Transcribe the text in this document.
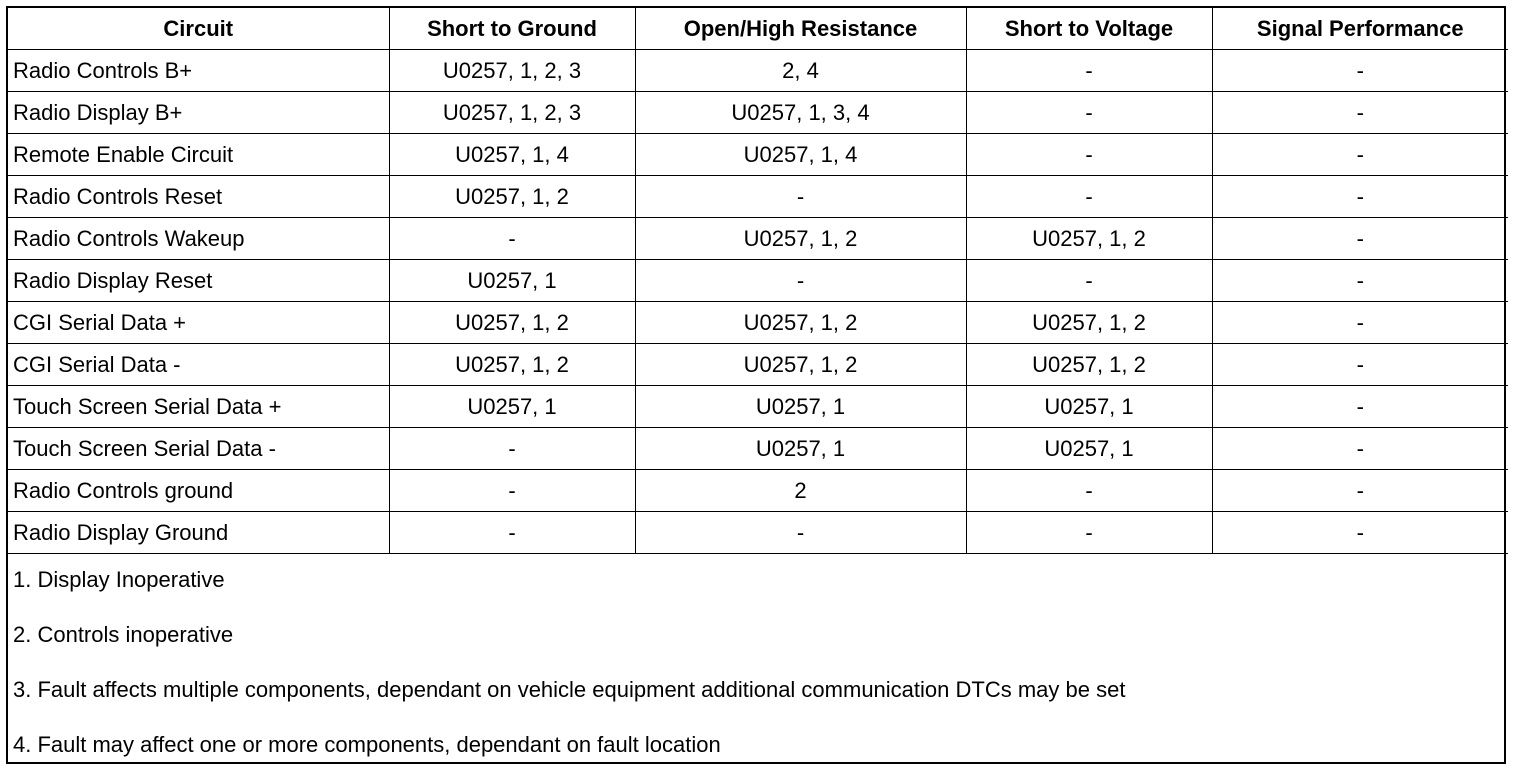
Circuit	Short to Ground	Open/High Resistance	Short to Voltage	Signal Performance
Radio Controls B+	U0257, 1, 2, 3	2, 4	-	-
Radio Display B+	U0257, 1, 2, 3	U0257, 1, 3, 4	-	-
Remote Enable Circuit	U0257, 1, 4	U0257, 1, 4	-	-
Radio Controls Reset	U0257, 1, 2	-	-	-
Radio Controls Wakeup	-	U0257, 1, 2	U0257, 1, 2	-
Radio Display Reset	U0257, 1	-	-	-
CGI Serial Data +	U0257, 1, 2	U0257, 1, 2	U0257, 1, 2	-
CGI Serial Data -	U0257, 1, 2	U0257, 1, 2	U0257, 1, 2	-
Touch Screen Serial Data +	U0257, 1	U0257, 1	U0257, 1	-
Touch Screen Serial Data -	-	U0257, 1	U0257, 1	-
Radio Controls ground	-	2	-	-
Radio Display Ground	-	-	-	-
1. Display Inoperative
2. Controls inoperative
3. Fault affects multiple components, dependant on vehicle equipment additional communication DTCs may be set
4. Fault may affect one or more components, dependant on fault location
